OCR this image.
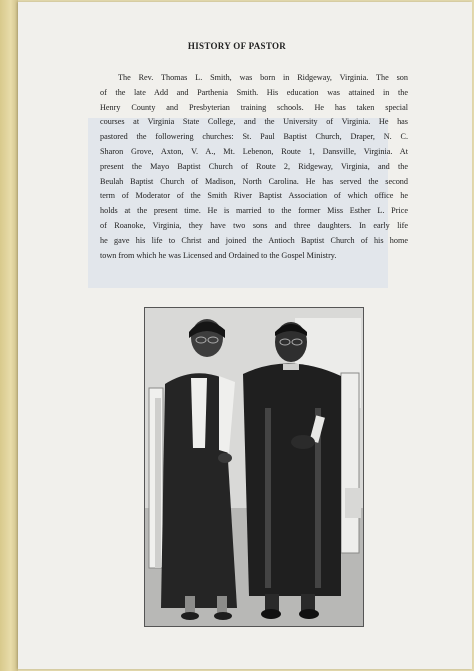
HISTORY OF PASTOR
The Rev. Thomas L. Smith, was born in Ridgeway, Virginia. The son
of the late Add and Parthenia Smith. His education was attained in the
Henry County and Presbyterian training schools. He has taken special
courses at Virginia State College, and the University of Virginia. He has
pastored the followering churches: St. Paul Baptist Church, Draper, N. C.
Sharon Grove, Axton, V. A., Mt. Lebenon, Route 1, Dansville, Virginia. At
present the Mayo Baptist Church of Route 2, Ridgeway, Virginia, and the
Beulah Baptist Church of Madison, North Carolina. He has served the second
term of Moderator of the Smith River Baptist Association of which office he
holds at the present time. He is married to the former Miss Esther L. Price
of Roanoke, Virginia, they have two sons and three daughters. In early life
he gave his life to Christ and joined the Antioch Baptist Church of his home
town from which he was Licensed and Ordained to the Gospel Ministry.
